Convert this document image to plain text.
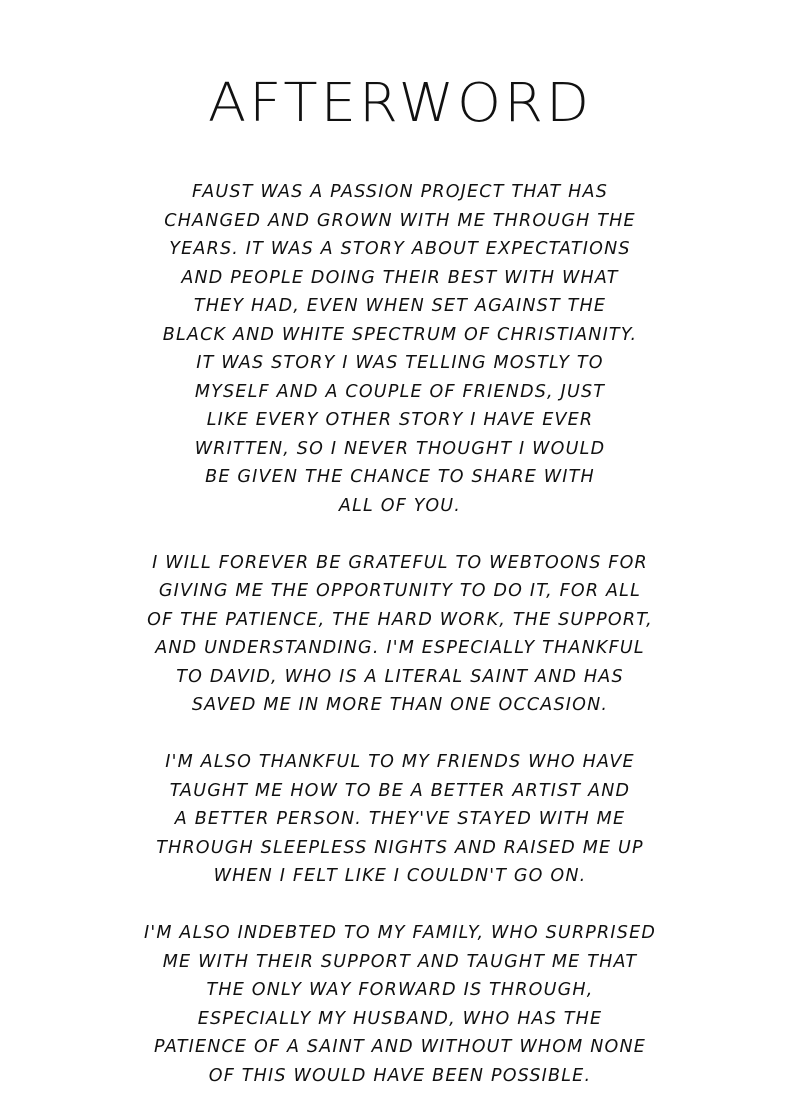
AFTERWORD
FAUST WAS A PASSION PROJECT THAT HAS
CHANGED AND GROWN WITH ME THROUGH THE
YEARS. IT WAS A STORY ABOUT EXPECTATIONS
AND PEOPLE DOING THEIR BEST WITH WHAT
THEY HAD, EVEN WHEN SET AGAINST THE
BLACK AND WHITE SPECTRUM OF CHRISTIANITY.
IT WAS STORY I WAS TELLING MOSTLY TO
MYSELF AND A COUPLE OF FRIENDS, JUST
LIKE EVERY OTHER STORY I HAVE EVER
WRITTEN, SO I NEVER THOUGHT I WOULD
BE GIVEN THE CHANCE TO SHARE WITH
ALL OF YOU.
I WILL FOREVER BE GRATEFUL TO WEBTOONS FOR
GIVING ME THE OPPORTUNITY TO DO IT, FOR ALL
OF THE PATIENCE, THE HARD WORK, THE SUPPORT,
AND UNDERSTANDING. I'M ESPECIALLY THANKFUL
TO DAVID, WHO IS A LITERAL SAINT AND HAS
SAVED ME IN MORE THAN ONE OCCASION.
I'M ALSO THANKFUL TO MY FRIENDS WHO HAVE
TAUGHT ME HOW TO BE A BETTER ARTIST AND
A BETTER PERSON. THEY'VE STAYED WITH ME
THROUGH SLEEPLESS NIGHTS AND RAISED ME UP
WHEN I FELT LIKE I COULDN'T GO ON.
I'M ALSO INDEBTED TO MY FAMILY, WHO SURPRISED
ME WITH THEIR SUPPORT AND TAUGHT ME THAT
THE ONLY WAY FORWARD IS THROUGH,
ESPECIALLY MY HUSBAND, WHO HAS THE
PATIENCE OF A SAINT AND WITHOUT WHOM NONE
OF THIS WOULD HAVE BEEN POSSIBLE.
